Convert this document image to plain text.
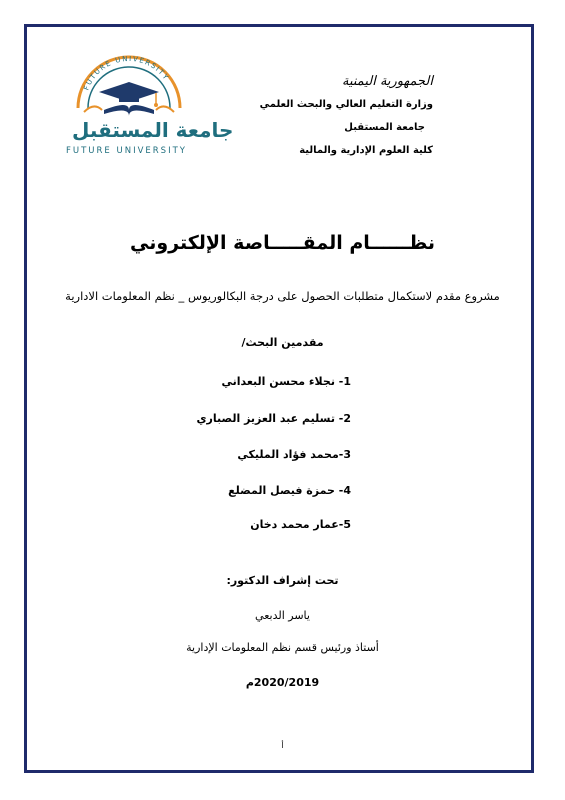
الجمهورية اليمنية
وزارة التعليم العالي والبحث العلمي
جامعة المستقبل
كلية العلوم الإدارية والمالية
FUTURE UNIVERSITY
جامعة المستقبل
FUTURE UNIVERSITY
نظــــــام المقـــــاصة الإلكتروني
مشروع مقدم لاستكمال متطلبات الحصول على درجة البكالوريوس _ نظم المعلومات الادارية
مقدمين البحث/
1- نجلاء محسن البعداني
2- تسليم عبد العزيز الصباري
3-محمد فؤاد المليكي
4- حمزة فيصل المضلع
5-عمار محمد دخان
تحت إشراف الدكتور:
ياسر الدبعي
أستاذ ورئيس قسم نظم المعلومات الإدارية
2020/2019م
أ
